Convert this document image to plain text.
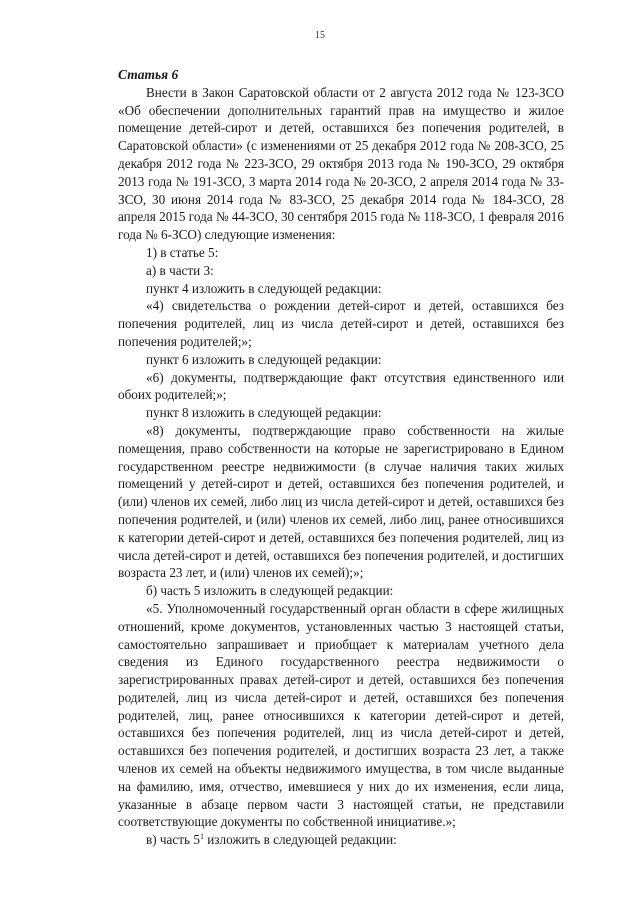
15

Статья 6

Внести в Закон Саратовской области от 2 августа 2012 года № 123-ЗСО «Об обеспечении дополнительных гарантий прав на имущество и жилое помещение детей-сирот и детей, оставшихся без попечения родителей, в Саратовской области» (с изменениями от 25 декабря 2012 года № 208-ЗСО, 25 декабря 2012 года № 223-ЗСО, 29 октября 2013 года № 190-ЗСО, 29 октября 2013 года № 191-ЗСО, 3 марта 2014 года № 20-ЗСО, 2 апреля 2014 года № 33-ЗСО, 30 июня 2014 года № 83-ЗСО, 25 декабря 2014 года № 184-ЗСО, 28 апреля 2015 года № 44-ЗСО, 30 сентября 2015 года № 118-ЗСО, 1 февраля 2016 года № 6-ЗСО) следующие изменения:

1) в статье 5:

а) в части 3:

пункт 4 изложить в следующей редакции:

«4) свидетельства о рождении детей-сирот и детей, оставшихся без попечения родителей, лиц из числа детей-сирот и детей, оставшихся без попечения родителей;»;

пункт 6 изложить в следующей редакции:

«6) документы, подтверждающие факт отсутствия единственного или обоих родителей;»;

пункт 8 изложить в следующей редакции:

«8) документы, подтверждающие право собственности на жилые помещения, право собственности на которые не зарегистрировано в Едином государственном реестре недвижимости (в случае наличия таких жилых помещений у детей-сирот и детей, оставшихся без попечения родителей, и (или) членов их семей, либо лиц из числа детей-сирот и детей, оставшихся без попечения родителей, и (или) членов их семей, либо лиц, ранее относившихся к категории детей-сирот и детей, оставшихся без попечения родителей, лиц из числа детей-сирот и детей, оставшихся без попечения родителей, и достигших возраста 23 лет, и (или) членов их семей);»;

б) часть 5 изложить в следующей редакции:

«5. Уполномоченный государственный орган области в сфере жилищных отношений, кроме документов, установленных частью 3 настоящей статьи, самостоятельно запрашивает и приобщает к материалам учетного дела сведения из Единого государственного реестра недвижимости о зарегистрированных правах детей-сирот и детей, оставшихся без попечения родителей, лиц из числа детей-сирот и детей, оставшихся без попечения родителей, лиц, ранее относившихся к категории детей-сирот и детей, оставшихся без попечения родителей, лиц из числа детей-сирот и детей, оставшихся без попечения родителей, и достигших возраста 23 лет, а также членов их семей на объекты недвижимого имущества, в том числе выданные на фамилию, имя, отчество, имевшиеся у них до их изменения, если лица, указанные в абзаце первом части 3 настоящей статьи, не представили соответствующие документы по собственной инициативе.»;

в) часть $5^1$ изложить в следующей редакции:
